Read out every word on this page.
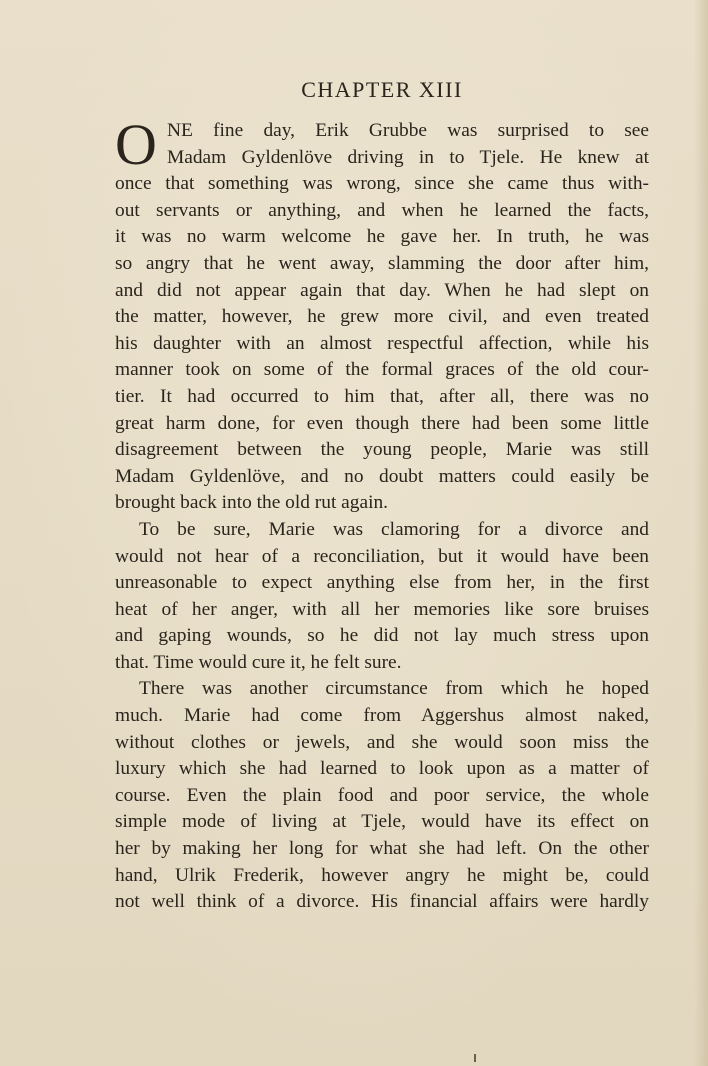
CHAPTER XIII
O NE fine day, Erik Grubbe was surprised to see
Madam Gyldenlöve driving in to Tjele. He knew at
once that something was wrong, since she came thus with-
out servants or anything, and when he learned the facts,
it was no warm welcome he gave her. In truth, he was
so angry that he went away, slamming the door after him,
and did not appear again that day. When he had slept on
the matter, however, he grew more civil, and even treated
his daughter with an almost respectful affection, while his
manner took on some of the formal graces of the old cour-
tier. It had occurred to him that, after all, there was no
great harm done, for even though there had been some little
disagreement between the young people, Marie was still
Madam Gyldenlöve, and no doubt matters could easily be
brought back into the old rut again.
To be sure, Marie was clamoring for a divorce and
would not hear of a reconciliation, but it would have been
unreasonable to expect anything else from her, in the first
heat of her anger, with all her memories like sore bruises
and gaping wounds, so he did not lay much stress upon
that. Time would cure it, he felt sure.
There was another circumstance from which he hoped
much. Marie had come from Aggershus almost naked,
without clothes or jewels, and she would soon miss the
luxury which she had learned to look upon as a matter of
course. Even the plain food and poor service, the whole
simple mode of living at Tjele, would have its effect on
her by making her long for what she had left. On the other
hand, Ulrik Frederik, however angry he might be, could
not well think of a divorce. His financial affairs were hardly
